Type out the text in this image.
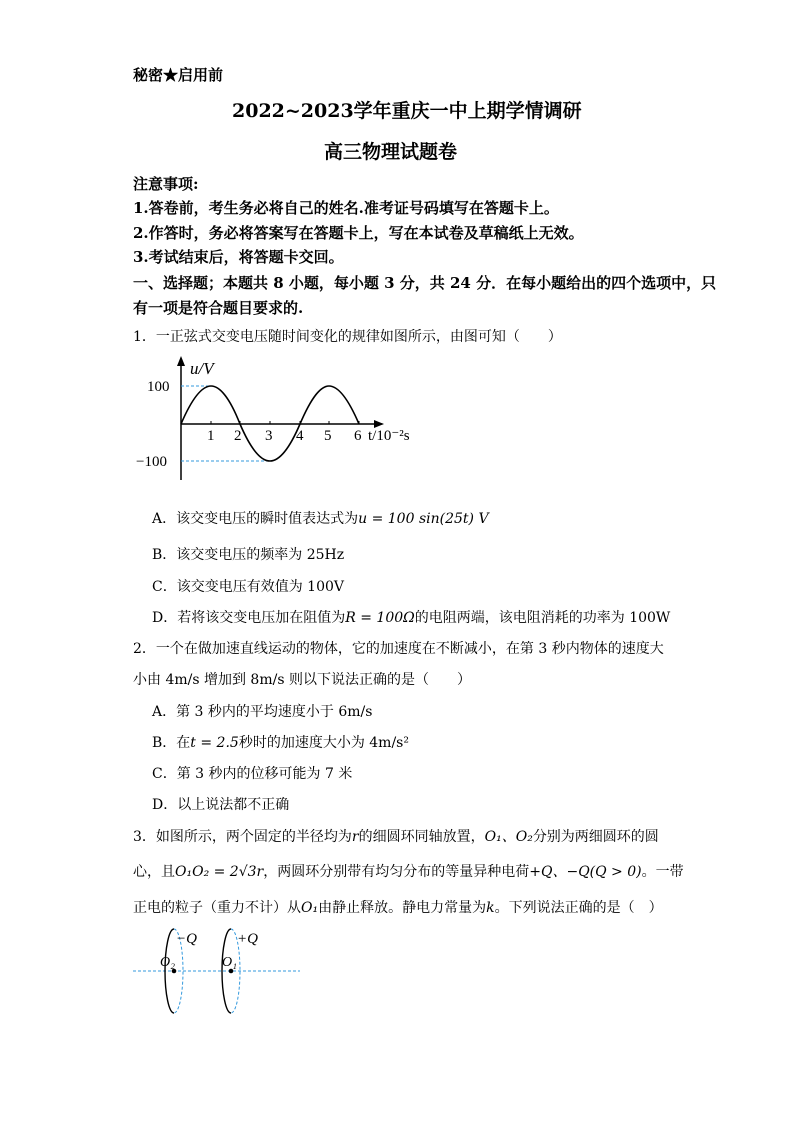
秘密★启用前
2022~2023学年重庆一中上期学情调研
高三物理试题卷
注意事项:
1.答卷前，考生务必将自己的姓名.准考证号码填写在答题卡上。
2.作答时，务必将答案写在答题卡上，写在本试卷及草稿纸上无效。
3.考试结束后，将答题卡交回。
一、选择题；本题共 8 小题，每小题 3 分，共 24 分．在每小题给出的四个选项中，只
有一项是符合题目要求的.
1．一正弦式交变电压随时间变化的规律如图所示，由图可知（　　）
u/V
100
−100
1 2 3 4 5 6 t/10⁻²s
A．该交变电压的瞬时值表达式为u = 100 sin(25t) V
B．该交变电压的频率为 25Hz
C．该交变电压有效值为 100V
D．若将该交变电压加在阻值为R = 100Ω的电阻两端，该电阻消耗的功率为 100W
2．一个在做加速直线运动的物体，它的加速度在不断减小，在第 3 秒内物体的速度大
小由 4m/s 增加到 8m/s 则以下说法正确的是（　　）
A．第 3 秒内的平均速度小于 6m/s
B．在t = 2.5秒时的加速度大小为 4m/s²
C．第 3 秒内的位移可能为 7 米
D．以上说法都不正确
3．如图所示，两个固定的半径均为r的细圆环同轴放置，O₁、O₂分别为两细圆环的圆
心，且O₁O₂ = 2√3r，两圆环分别带有均匀分布的等量异种电荷+Q、−Q(Q > 0)。一带
正电的粒子（重力不计）从O₁由静止释放。静电力常量为k。下列说法正确的是（　）
−Q	+Q
O₂	O₁
